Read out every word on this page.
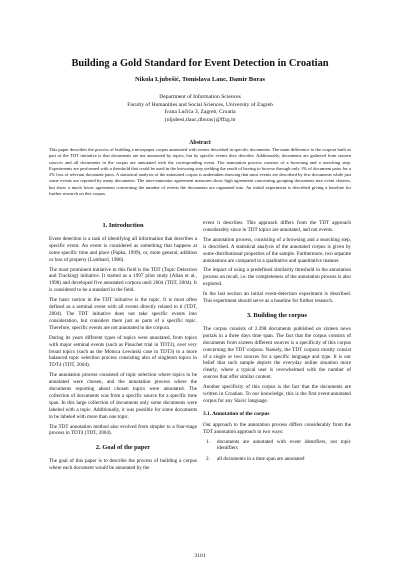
Building a Gold Standard for Event Detection in Croatian
Nikola Ljubešić, Tomislava Lauc, Damir Boras
Department of Information Sciences
Faculty of Humanities and Social Sciences, University of Zagreb
Ivana Lučića 3, Zagreb, Croatia
{nljubesi,tlauc,dboras}@ffzg.hr
Abstract
This paper describes the process of building a newspaper corpus annotated with events described in specific documents. The main difference to the corpora built as part of the TDT initiative is that documents are not annotated by topics, but by specific events they describe. Additionally, documents are gathered from sixteen sources and all documents in the corpus are annotated with the corresponding event. The annotation process consists of a browsing and a searching step. Experiments are performed with a threshold that could be used in the browsing step yielding the result of having to browse through only 1% of document pairs for a 2% loss of relevant document pairs. A statistical analysis of the annotated corpus is undertaken showing that most events are described by few documents while just some events are reported by many documents. The inter-annotator agreement measures show high agreement concerning grouping documents into event clusters, but show a much lower agreement concerning the number of events the documents are organized into. An initial experiment is described giving a baseline for further research on this corpus.
1. Introduction

Event detection is a task of identifying all information that describes a specific event. An event is considered as something that happens at some specific time and place (Papka, 1999), or, more general, addition or loss of property (Lombard, 1986).

The most prominent initiative in this field is the TDT (Topic Detection and Tracking) initiative. It started as a 1997 pilot study (Allan et al., 1998) and developed five annotated corpora until 2004 (TDT, 2004). It is considered to be a standard in the field.

The basic notion in the TDT initiative is the topic. It is most often defined as a seminal event with all events directly related to it (TDT, 2004). The TDT initiative does not take specific events into consideration, but considers them just as parts of a specific topic. Therefore, specific events are not annotated in the corpora.

During its years different types of topics were annotated, from topics with major seminal events (such as Pinochet trial in TDT2), over very broad topics (such as the Monica Lewinski case in TDT3) to a more balanced topic selection process consisting also of singleton topics in TDT4 (TDT, 2004).

The annotation process consisted of topic selection where topics to be annotated were chosen, and the annotation process where the documents reporting about chosen topics were annotated. The collection of documents was from a specific source for a specific time span. In this large collection of documents only some documents were labeled with a topic. Additionally, it was possible for some documents to be labeled with more than one topic.

The TDT annotation method also evolved from simpler to a four-stage process in TDT4 (TDT, 2004).

2. Goal of the paper

The goal of this paper is to describe the process of building a corpus where each document would be annotated by the

event it describes. This approach differs from the TDT approach considerably since in TDT topics are annotated, and not events.

The annotation process, consisting of a browsing and a searching step, is described. A statistical analysis of the annotated corpus is given by some distributional properties of the sample. Furthermore, two separate annotations are compared in a qualitative and quantitative manner.

The impact of using a predefined similarity threshold in the annotation process on recall, i.e. the completeness of the annotation process is also explored.

In the last section an initial event-detection experiment is described. This experiment should serve as a baseline for further research.

3. Building the corpus

The corpus consists of 2.398 documents published on sixteen news portals in a three days time span. The fact that the corpus consists of documents from sixteen different sources is a specificity of this corpus concerning the TDT corpora. Namely, the TDT corpora mostly consist of a single or two sources for a specific language and type. It is our belief that such sample depicts the everyday online situation more clearly, where a typical user is overwhelmed with the number of sources that offer similar content.

Another specificity of this corpus is the fact that the documents are written in Croatian. To our knowledge, this is the first event-annotated corpus for any Slavic language.

3.1. Annotation of the corpus

Our approach to the annotation process differs considerably from the TDT annotation approach in two ways:

1. documents are annotated with event identifiers, not topic identifiers
2. all documents in a time span are annotated
3101
